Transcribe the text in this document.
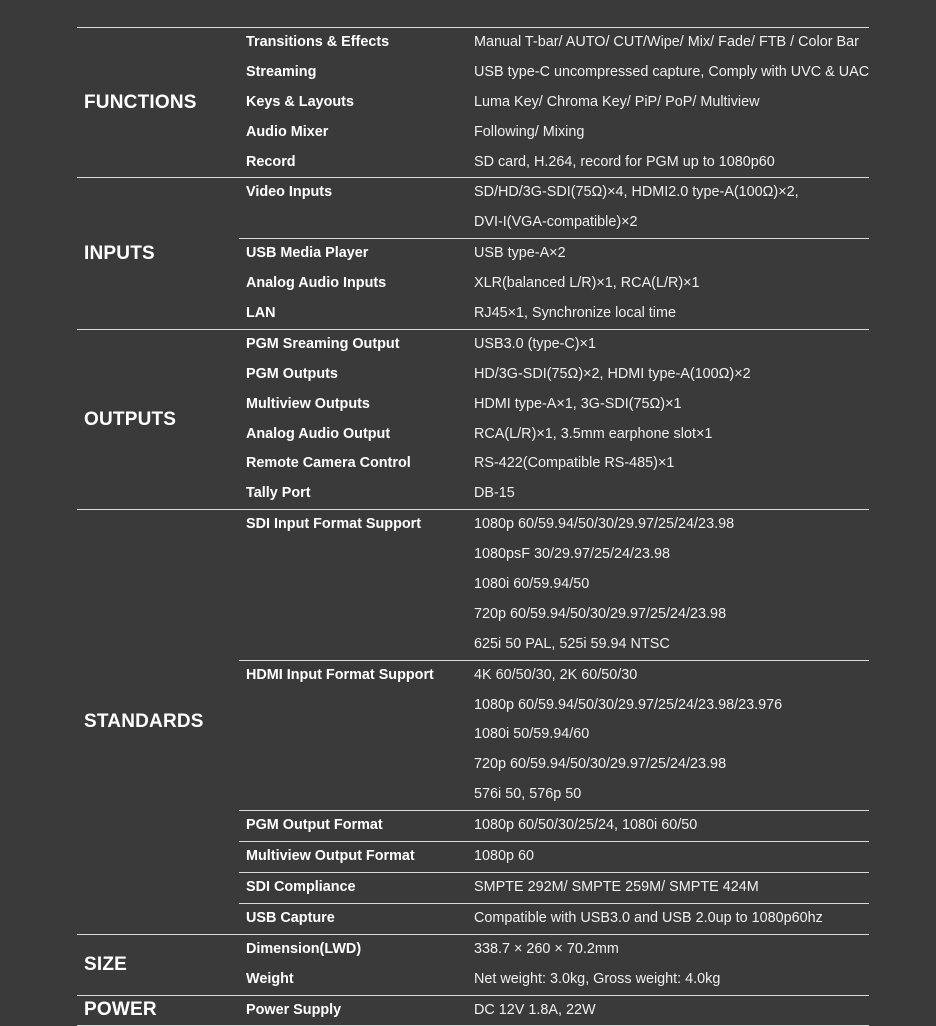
FUNCTIONS
Transitions & Effects	Manual T-bar/ AUTO/ CUT/Wipe/ Mix/ Fade/ FTB / Color Bar
Streaming	USB type-C uncompressed capture, Comply with UVC & UAC
Keys & Layouts	Luma Key/ Chroma Key/ PiP/ PoP/ Multiview
Audio Mixer	Following/ Mixing
Record	SD card, H.264, record for PGM up to 1080p60
INPUTS
Video Inputs	SD/HD/3G-SDI(75Ω)×4, HDMI2.0 type-A(100Ω)×2,
DVI-I(VGA-compatible)×2
USB Media Player	USB type-A×2
Analog Audio Inputs	XLR(balanced L/R)×1, RCA(L/R)×1
LAN	RJ45×1, Synchronize local time
OUTPUTS
PGM Sreaming Output	USB3.0 (type-C)×1
PGM Outputs	HD/3G-SDI(75Ω)×2, HDMI type-A(100Ω)×2
Multiview Outputs	HDMI type-A×1, 3G-SDI(75Ω)×1
Analog Audio Output	RCA(L/R)×1, 3.5mm earphone slot×1
Remote Camera Control	RS-422(Compatible RS-485)×1
Tally Port	DB-15
STANDARDS
SDI Input Format Support	1080p 60/59.94/50/30/29.97/25/24/23.98
1080psF 30/29.97/25/24/23.98
1080i 60/59.94/50
720p 60/59.94/50/30/29.97/25/24/23.98
625i 50 PAL, 525i 59.94 NTSC
HDMI Input Format Support	4K 60/50/30, 2K 60/50/30
1080p 60/59.94/50/30/29.97/25/24/23.98/23.976
1080i 50/59.94/60
720p 60/59.94/50/30/29.97/25/24/23.98
576i 50, 576p 50
PGM Output Format	1080p 60/50/30/25/24, 1080i 60/50
Multiview Output Format	1080p 60
SDI Compliance	SMPTE 292M/ SMPTE 259M/ SMPTE 424M
USB Capture	Compatible with USB3.0 and USB 2.0up to 1080p60hz
SIZE
Dimension(LWD)	338.7 × 260 × 70.2mm
Weight	Net weight: 3.0kg, Gross weight: 4.0kg
POWER	Power Supply	DC 12V 1.8A, 22W
